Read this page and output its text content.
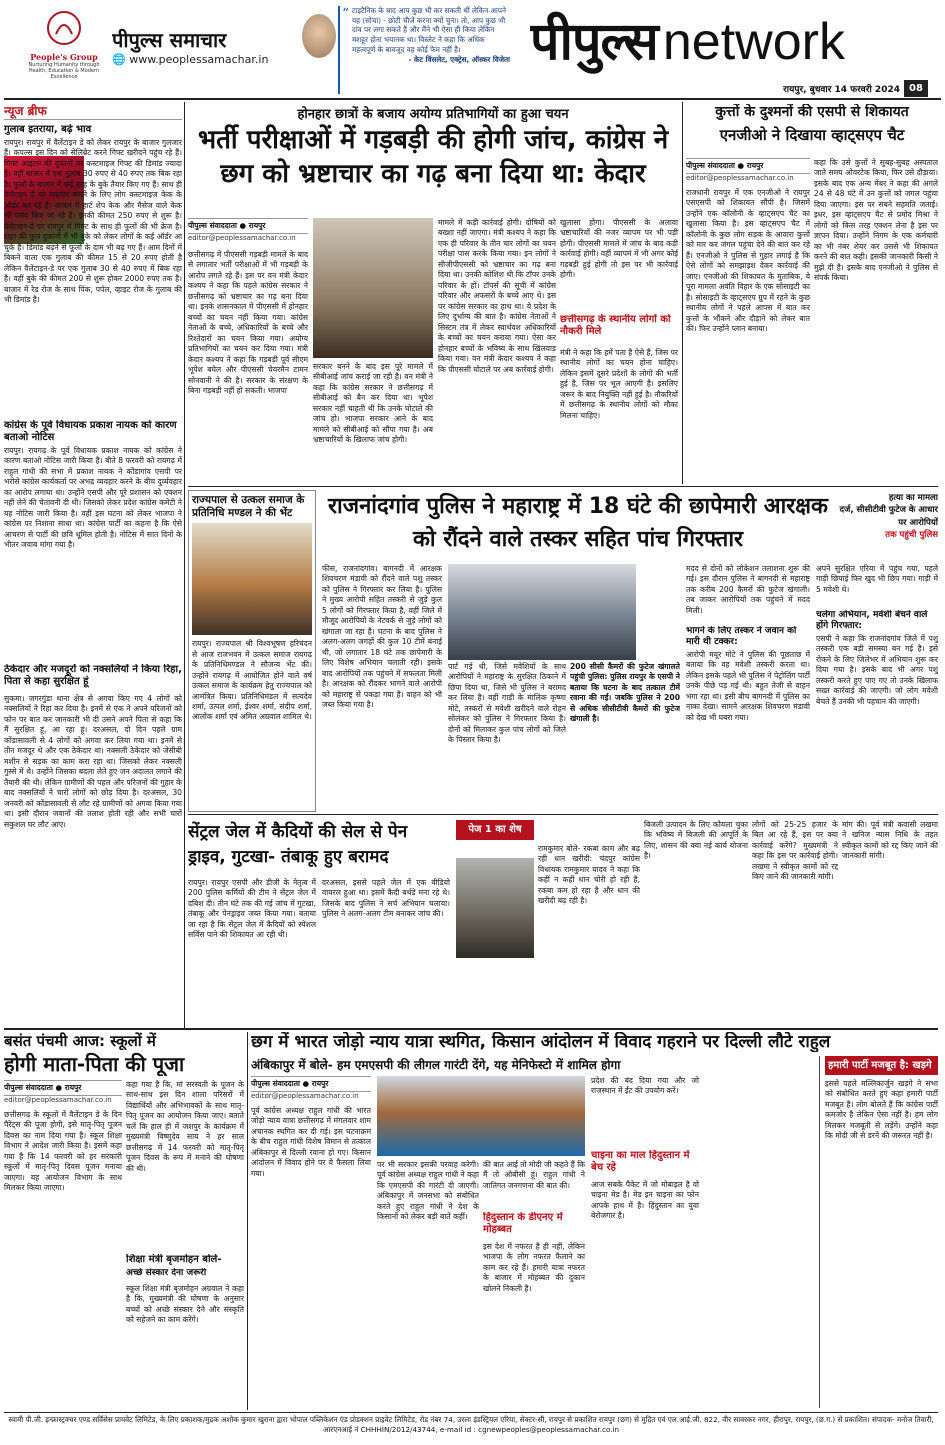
People's Group
Nurturing Humanity through Health, Education & Modern Excellence
पीपुल्स समाचार
🌐 www.peoplessamachar.in
“ टाइटैनिक के बाद आप कुछ भी कर सकती थीं लेकिन आपने यह (सोचा) - छोटी चीजें करना क्यों चुना। तो, आप कुछ भी दांव पर लगा सकते हैं और मैंने भी ऐसा ही किया लेकिन मशहूर होना भयानक था। विस्लेट ने कहा कि अधिक महत्वपूर्ण के बावजूद वह कोई फेम नहीं है।
- केट विंसलेट, एक्ट्रेस, ऑस्कर विजेता पीपुल्स network
रायपुर, बुधवार 14 फरवरी 2024 08
न्यूज ब्रीफ
गुलाब इतराया, बढ़े भाव
रायपुर। रायपुर में वैलेंटाइन डे को लेकर रायपुर के बाजार गुलजार हैं। कपल्स इस दिन को सेलिब्रेट करने गिफ्ट खरीदने पहुंच रहे हैं। गिफ्ट आइटम की दुकानों पर कस्टमाइज गिफ्ट की डिमांड ज्यादा है। वहीं बाजार में एक गुलाब 30 रुपए से 40 रुपए तक बिक रहा है। फूलों के बाजार में कई तरह के बुके तैयार किए गए हैं। साथ ही वैलेंटाइन डे को यादगार बनाने के लिए लोग कस्टमाइज केक के ऑर्डर कर रहे हैं। बाजार में हार्ट शेप केक और मैसेज वाले केक भी पसंद किए जा रहे हैं। इनकी कीमत 250 रुपए से शुरू है। वैलेंटाइन-डे पर रायपुर में गिफ्ट के साथ ही फूलों की भी क्रेज है। शहर की फूल दुकानों में भी बुके को लेकर लोगों के कई ऑर्डर आ चुके हैं। डिमांड बढ़ने से फूलों के दाम भी बढ़ गए हैं। आम दिनों में बिकने वाला एक गुलाब की कीमत 15 से 20 रुपए होती है लेकिन वैलेंटाइन-डे पर एक गुलाब 30 से 40 रुपए में बिक रहा है। वहीं बुके की कीमत 200 से शुरू होकर 2000 रुपए तक है। बाजार में रेड रोज के साथ पिंक, पर्पल, व्हाइट रोज के गुलाब की भी डिमांड है।
कांग्रेस के पूर्व विधायक प्रकाश नायक को कारण बताओ नोटिस
रायपुर। रायगढ़ के पूर्व विधायक प्रकाश नायक को कांग्रेस ने कारण बताओ नोटिस जारी किया है। बीते 8 फरवरी को रायगढ़ में राहुल गांधी की सभा में प्रकाश नायक ने कोंडागांव एसपी पर भरोसे कांग्रेस कार्यकर्ता पर अभद्र व्यवहार करने के बीच दुर्व्यवहार का आरोप लगाया था। उन्होंने एसपी और पूरे प्रशासन को एक्शन नहीं लेने की चेतावनी दी थी। जिसको लेकर प्रदेश कांग्रेस कमेटी ने यह नोटिस जारी किया है। वहीं इस घटना को लेकर भाजपा ने कांग्रेस पर निशाना साधा था। कांग्रेस पार्टी का कहना है कि ऐसे आचरण से पार्टी की छवि धूमिल होती है। नोटिस में सात दिनों के भीतर जवाब मांगा गया है।
ठेकेदार और मजदूरों को नक्सलियों ने किया रिहा, पिता से कहा सुरक्षित हूं
सुकमा। जगरगुंडा थाना क्षेत्र से अगवा किए गए 4 लोगों को नक्सलियों ने रिहा कर दिया है। इनमें से एक ने अपने परिजनों को फोन पर बात कर जानकारी भी दी उसने अपने पिता से कहा कि मैं सुरक्षित हूं, आ रहा हूं। दरअसल, दो दिन पहले ग्राम कोंडासावली से 4 लोगों को अगवा कर लिया गया था। इनमें से तीन मजदूर थे और एक ठेकेदार था। नक्सली ठेकेदार को जेसीबी मशीन से सड़क का काम करा रहा था। जिसको लेकर नक्सली गुस्से में थे। उन्होंने जिसका बदला लेते हुए जन अदालत लगाने की तैयारी की थी। लेकिन ग्रामीणों की पहल और परिजनों की गुहार के बाद नक्सलियों ने चारों लोगों को छोड़ दिया है। दरअसल, 30 जनवरी को कोंडासावली से लौट रहे ग्रामीणों को अगवा किया गया था। इसी दौरान जवानों की तलाश होती रही और सभी चारों सकुशल घर लौट आए।
होनहार छात्रों के बजाय अयोग्य प्रतिभागियों का हुआ चयन
भर्ती परीक्षाओं में गड़बड़ी की होगी जांच, कांग्रेस ने छग को भ्रष्टाचार का गढ़ बना दिया था: केदार
पीपुल्स संवाददाता ● रायपुर
editor@peoplessamachar.co.in
छत्तीसगढ़ में पीएससी गड़बड़ी मामले के बाद से लगातार भर्ती परीक्षाओं में भी गड़बड़ी के आरोप लगते रहे हैं। इस पर वन मंत्री केदार कश्यप ने कहा कि पहले कांग्रेस सरकार ने छत्तीसगढ़ को भ्रष्टाचार का गढ़ बना दिया था। इनके शासनकाल में पीएससी में होनहार बच्चों का चयन नहीं किया गया। कांग्रेस नेताओं के बच्चे, अधिकारियों के बच्चे और रिश्तेदारों का चयन किया गया। अयोग्य प्रतिभागियों का चयन कर दिया गया। मंत्री केदार कश्यप ने कहा कि गड़बड़ी पूर्व सीएम भूपेश बघेल और पीएससी चेयरमैन टामन सोनवानी ने की है। सरकार के संरक्षण के बिना गड़बड़ी नहीं हो सकती। भाजपा
सरकार बनने के बाद इस पूरे मामले में सीबीआई जांच कराई जा रही है। वन मंत्री ने कहा कि कांग्रेस सरकार ने छत्तीसगढ़ में सीबीआई को बैन कर दिया था। भूपेश सरकार नहीं चाहती थी कि उनके घोटाले की जांच हो। भाजपा सरकार आने के बाद मामले को सीबीआई को सौंपा गया है। अब भ्रष्टाचारियों के खिलाफ जांच होगी।
मामले में कड़ी कार्रवाई होगी। दोषियों को बख्शा नहीं जाएगा। मंत्री कश्यप ने कहा कि एक ही परिवार के तीन चार लोगों का चयन परीक्षा पास करके किया गया। इन लोगों ने सीजीपीएससी को भ्रष्टाचार का गढ़ बना दिया था। उनकी कोशिश थी कि टॉपर उनके परिवार के हों। टॉपर्स की सूची में कांग्रेस परिवार और अफसरों के बच्चे आए थे। इस पर कांग्रेस सरकार का हाथ था। ये प्रदेश के लिए दुर्भाग्य की बात है। कांग्रेस नेताओं ने सिस्टम तंत्र में लेकर स्वार्थवश अधिकारियों के बच्चों का चयन कराया गया। ऐसा कर होनहार बच्चों के भविष्य के साथ खिलवाड़ किया गया। वन मंत्री केदार कश्यप ने कहा कि पीएससी घोटाले पर अब कार्रवाई होगी।
खुलासा होगा। पीएससी के अलावा भ्रष्टाचारियों की नजर व्यापम पर भी पड़ी होगी। पीएससी मामले में जांच के बाद कड़ी कार्रवाई होगी। वहीं व्यापमं में भी अगर कोई गड़बड़ी हुई होगी तो इस पर भी कार्रवाई होगी।
छत्तीसगढ़ के स्थानीय लोगों को नौकरी मिले
मंत्री ने कहा कि हमें पता है ऐसे हैं, जिस पर स्थानीय लोगों का चयन होना चाहिए। लेकिन इसमें दूसरे प्रदेशों के लोगों की भर्ती हुई है, जिस पर भूल आएगी है। इसलिए जरूर के बाद नियुक्ति नहीं हुई है। नौकरियों में छत्तीसगढ़ के स्थानीय लोगों को मौका मिलना चाहिए।
कुत्तों के दुश्मनों की एसपी से शिकायत
एनजीओ ने दिखाया व्हाट्सएप चैट
पीपुल्स संवाददाता ● रायपुर
editor@peoplessamachar.co.in
राजधानी रायपुर में एक एनजीओ ने रायपुर एसएसपी को शिकायत सौंपी है। जिसमें उन्होंने एक कॉलोनी के व्हाट्सएप चैट का खुलासा किया है। इस व्हाट्सएप चैट में कॉलोनी के कुछ लोग सड़क के आवारा कुत्तों को मार कर जंगल पहुंचा देने की बात कर रहे हैं। एनजीओ ने पुलिस से गुहार लगाई है कि ऐसे लोगों को समझाइश देकर कार्रवाई की जाए। एनजीओ की शिकायत के मुताबिक, ये पूरा मामला अवंति विहार के एक सोसाइटी का है। सोसाइटी के व्हाट्सएप ग्रुप में रहने के कुछ स्थानीय लोगों ने पहले आपस में बात कर कुत्तों के भौंकने और दौड़ाने को लेकर बात की। फिर उन्होंने प्लान बनाया।
कहा कि उसे कुत्तों ने सुबह-सुबह अस्पताल जाते समय ओवरटेक किया, फिर उसे दौड़ाया। इसके बाद एक अन्य मेंबर ने कहा की अगले 24 से 48 घंटे में उन कुत्तों को जगल पहुंचा दिया जाएगा। इस पर सबने सहमति जताई। इधर, इस व्हाट्सएप चैट से प्रमोद मिश्रा ने लोगों को किस तरह एक्शन लेना है इस पर ज्ञापन दिया। उन्होंने निगम के एक कर्मचारी का भी नंबर शेयर कर उससे भी शिकायत करने की बात कही। इसकी जानकारी किसी ने मुझे दी है। इसके बाद एनजीओ ने पुलिस से संपर्क किया।
राज्यपाल से उत्कल समाज के प्रतिनिधि मण्डल ने की भेंट
रायपुर। राज्यपाल श्री विश्वभूषण हरिचंदन से आज राजभवन में उत्कल समाज रायगढ़ के प्रतिनिधिमण्डल ने सौजन्य भेंट की। उन्होंने रायगढ़ में आयोजित होने वाले वर्ष उत्कल समाज के कार्यक्रम हेतु राज्यपाल को आमंत्रित किया। प्रतिनिधिमंडल में सत्यदेव शर्मा, उत्पल शर्मा, ईश्वर शर्मा, संदीप शर्मा, आलोक शर्मा एवं अमित अग्रवाल शामिल थे।
राजनांदगांव पुलिस ने महाराष्ट्र में 18 घंटे की छापेमारी आरक्षक को रौंदने वाले तस्कर सहित पांच गिरफ्तार
हत्या का मामला
दर्ज, सीसीटीवी फुटेज के आधार पर आरोपियों
तक पहुंची पुलिस
फीस, राजनांदगांव। बागनदी में आरक्षक शिवचरण मंडावी को रौंदने वाले पशु तस्कर को पुलिस ने गिरफ्तार कर लिया है। पुलिस ने मुख्य आरोपी सहित तस्करी से जुड़े कुल 5 लोगों को गिरफ्तार किया है, वहीं जिले में मौजूद आरोपियों के नेटवर्क से जुड़े लोगों को खंगाला जा रहा है। घटना के बाद पुलिस ने अलग-अलग जगहों की कुल 10 टीमें बनाई थी, जो लगातार 18 घंटे तक छापेमारी के लिए विशेष अभियान चलाती रही। इसके बाद आरोपियों तक पहुंचने में सफलता मिली है। आरक्षक को रौंदकर भागने वाले आरोपी को महाराष्ट्र से पकड़ा गया है। वाहन को भी जब्त किया गया है।
पार्ट गई थी, जिसे मवेशियों के साथ आरोपियों ने महाराष्ट्र के सुरक्षित ठिकाने में छिपा दिया था, जिसे भी पुलिस ने बरामद कर लिया है। वहीं गाड़ी के मालिक कृष्णा मोटे, तस्करों से मवेशी खरीदने वाले रोहन सोलंकर को पुलिस ने गिरफ्तार किया है। दोनों को मिलाकर कुल पांच लोगों को जिले के पिस्तार किया है।
200 सीसी कैमरों की फुटेज खंगालते पहुंची पुलिस: पुलिस रायपुर के एसपी ने बताया कि घटना के बाद तत्काल टीमें रवाना की गईं। जबकि पुलिस ने 200 से अधिक सीसीटीवी कैमरों की फुटेज खंगाली है।
मदद से दोनों को लोकेशन तलाशना शुरू की गई। इस दौरान पुलिस ने बागनदी से महाराष्ट्र तक करीब 200 कैमरों की फुटेज खंगाली। तब जाकर आरोपियों तक पहुंचने में मदद मिली।
भागने के लिए तस्कर ने जवान को मारी थी टक्कर:
आरोपी मयूर मोटे ने पुलिस की पूछताछ में बताया कि वह मवेशी तस्करी करता था। लेकिन इसके पहले भी पुलिस ने पेट्रोलिंग पार्टी उनके पीछे पड़ गई थी। बहुत तेजी से वाहन भगा रहा था। इसी बीच बागनदी में पुलिस का नाका देखा। सामने आरक्षक शिवचरण मंडावी को देख भी घबरा गया।
अपने सुरक्षित एरिया में पहुंच गया, पहले गाड़ी छिपाई फिर खुद भी छिप गया। गाड़ी में 5 मवेशी थे।
चलेगा अभियान, मवेशी बेचने वाले होंगे गिरफ्तार:
एसपी ने कहा कि राजनांदगांव जिले में पशु तस्करी एक बड़ी समस्या बन गई है। इसे रोकने के लिए जिलेभर में अभियान शुरू कर दिया गया है। इसके बाद भी अगर पशु तस्करी करते हुए पाए गए तो उनके खिलाफ सख्त कार्रवाई की जाएगी। जो लोग मवेशी बेचते हैं उनकी भी पहचान की जाएगी।
सेंट्रल जेल में कैदियों की सेल से पेन ड्राइव, गुटखा- तंबाकू हुए बरामद
रायपुर। रायपुर एसपी और डीजी के नेतृत्व में 200 पुलिस कर्मियों की टीम ने सेंट्रल जेल में दबिश दी। तीन घंटे तक की गई जांच में गुटखा, तंबाकू और पेनड्राइव जब्त किया गया। बताया जा रहा है कि सेंट्रल जेल में कैदियों को स्पेशल सर्विस पाने की शिकायत आ रही थी।
दरअसल, इससे पहले जेल में एक वीडियो वायरल हुआ था। इसमें कैदी बर्थडे मना रहे थे। जिसके बाद पुलिस ने सर्च अभियान चलाया। पुलिस ने अलग-अलग टीम बनाकर जांच की।
पेज 1 का शेष
रामकुमार बोले- रकबा काम और बढ़ रही धान खरीदी: चंदपुर कांग्रेस विधायक रामकुमार यादव ने कहा कि कहीं न कहीं धान चोरी हो रही है, रकबा कम हो रहा है और धान की खरीदी बढ़ रही है।
बिजली उत्पादन के लिए कोयला चुका कि भविष्य में बिजली की आपूर्ति के लिए, शासन की क्या नई कार्य योजना है।
लोगों को 25-25 हजार के बिल आ रहे हैं, इस पर क्या कार्रवाई करेंगे? मुख्यमंत्री ने कहा कि इस पर कार्रवाई होगी। लखमा ने स्वीकृत कामों को रद्द किए जाने की जानकारी मांगी।
मांग की। पूर्व मंत्री कवासी लखमा ने खनिज न्यास निधि के तहत स्वीकृत कामों को रद्द किए जाने की जानकारी मांगी।
बसंत पंचमी आज: स्कूलों में
होगी माता-पिता की पूजा
पीपुल्स संवाददाता ● रायपुर
editor@peoplessamachar.co.in
छत्तीसगढ़ के स्कूलों में वैलेंटाइन डे के दिन पैरेंट्स की पूजा होगी, इसे मातृ-पितृ पूजन दिवस का नाम दिया गया है। स्कूल शिक्षा विभाग ने आदेश जारी किया है। इसमें कहा गया है कि 14 फरवरी को हर सरकारी स्कूलों में मातृ-पितृ दिवस पूजन मनाया जाएगा। यह आयोजन विभाग के साथ मिलकर किया जाएगा।
कहा गया है कि, मां सरस्वती के पूजन के साथ-साथ इस दिन शाला परिसरों में विद्यार्थियों और अभिभावकों के साथ मातृ-पितृ पूजन का आयोजन किया जाए। बताते चलें कि हाल ही में जशपुर के कार्यक्रम में मुख्यमंत्री विष्णुदेव साय ने हर साल छत्तीसगढ़ में 14 फरवरी को मातृ-पितृ पूजन दिवस के रूप में मनाने की घोषणा की थी।
शिक्षा मंत्री बृजमोहन बोले-
अच्छे संस्कार देना जरूरी
स्कूल शिक्षा मंत्री बृजमोहन अग्रवाल ने कहा है कि, मुख्यमंत्री की घोषणा के अनुसार बच्चों को अच्छे संस्कार देने और संस्कृति को सहेजने का काम करेंगे।
छग में भारत जोड़ो न्याय यात्रा स्थगित, किसान आंदोलन में विवाद गहराने पर दिल्ली लौटे राहुल
अंबिकापुर में बोले- हम एमएसपी की लीगल गारंटी देंगे, यह मेनिफेस्टो में शामिल होगा
पीपुल्स संवाददाता ● रायपुर
editor@peoplessamachar.co.in
पूर्व कांग्रेस अध्यक्ष राहुल गांधी की भारत जोड़ो न्याय यात्रा छत्तीसगढ़ में मंगलवार शाम अचानक स्थगित कर दी गई। इस घटनाक्रम के बीच राहुल गांधी विशेष विमान से तत्काल अंबिकापुर से दिल्ली रवाना हो गए। किसान आंदोलन में विवाद होने पर ये फैसला लिया गया।
पर भी सरकार इसकी परवाह करेगी। पूर्व कांग्रेस अध्यक्ष राहुल गांधी ने कहा कि एमएसपी की गारंटी दी जाएगी। अंबिकापुर में जनसभा को संबोधित करते हुए राहुल गांधी ने देश के किसानों को लेकर बड़ी बातें कहीं।
की बात आई तो मोदी जी कहते हैं कि मैं तो ओबीसी हूं। राहुल गांधी ने जातिगत जनगणना की बात की।
हिंदुस्तान के डीएनए में मोहब्बत
इस देश में नफरत है ही नहीं, लेकिन भाजपा के लोग नफरत फैलाने का काम कर रहे हैं। हमारी यात्रा नफरत के बाजार में मोहब्बत की दुकान खोलने निकली है।
प्रदेश की बंद दिया गया और जो राजस्थान में ईंट की उपयोग करें।
चाइना का माल हिंदुस्तान में बेच रहे
आज सबके पैकेट में जो मोबाइल है वो चाइना मेड है। मेड इन चाइना का फोन आपके हाथ में है। हिंदुस्तान का युवा बेरोजगार है।
हमारी पार्टी मजबूत है: खड़गे
इससे पहले मल्लिकार्जुन खड़गे ने सभा को संबोधित करते हुए कहा हमारी पार्टी मजबूत है। लोग बोलते हैं कि कांग्रेस पार्टी कमजोर है लेकिन ऐसा नहीं है। हम लोग मिलकर मजबूती से लड़ेंगे। उन्होंने कहा कि मोदी जी से डरने की जरूरत नहीं है।
स्वामी पी.जी. इन्फ्रास्ट्रक्चर एण्ड सर्विसेस प्रायवेट लिमिटेड, के लिए प्रकाशक/मुद्रक अशोक कुमार खुराना द्वारा भोपाल पब्लिकेशन एंड प्रोडक्शन प्राइवेट लिमिटेड, रोड नंबर 74, उरला इंडस्ट्रियल एरिया, सेक्टर-सी, रायपुर से प्रकाशित रायपुर (छग) से मुद्रित एवं एल.आई.जी. 822, वीर सावरकर नगर, हीरापुर, रायपुर, (छ.ग.) से प्रकाशित। संपादक- मनोज तिवारी, आरएनआई नं CHHHIN/2012/43744, e-mail id : cgnewpeoples@peoplessamachar.co.in
